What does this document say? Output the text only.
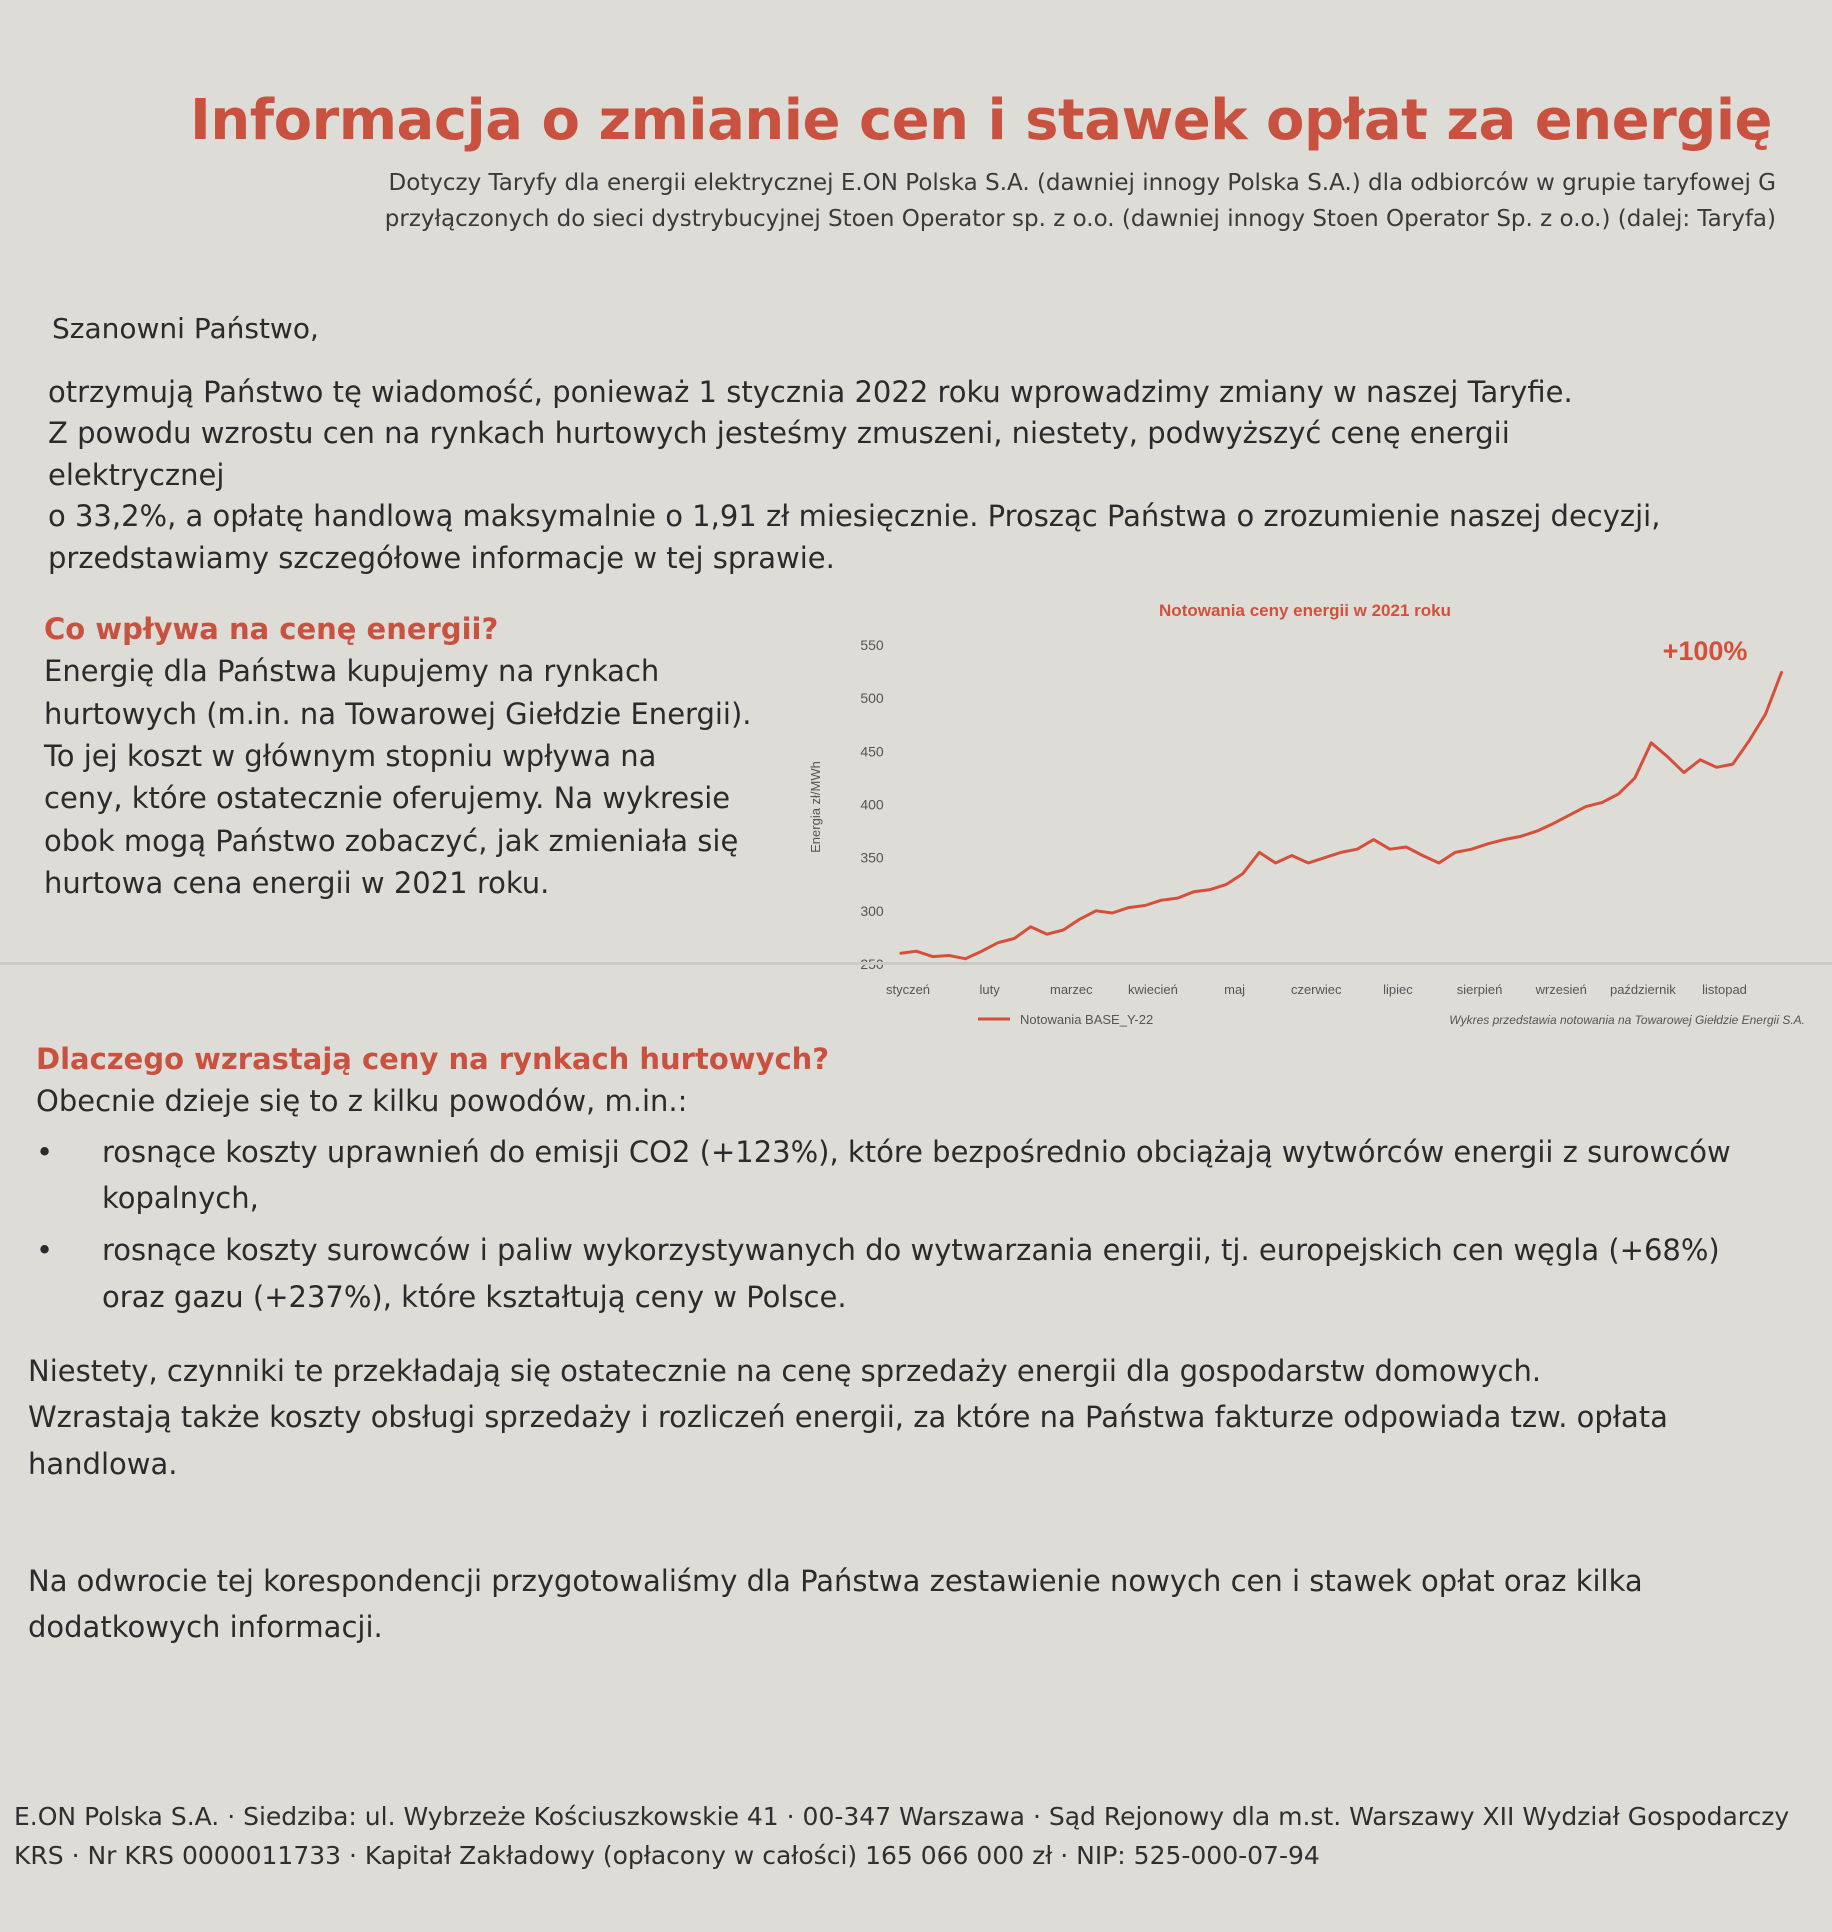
Informacja o zmianie cen i stawek opłat za energię
Dotyczy Taryfy dla energii elektrycznej E.ON Polska S.A. (dawniej innogy Polska S.A.) dla odbiorców w grupie taryfowej G
przyłączonych do sieci dystrybucyjnej Stoen Operator sp. z o.o. (dawniej innogy Stoen Operator Sp. z o.o.) (dalej: Taryfa)
Szanowni Państwo,

otrzymują Państwo tę wiadomość, ponieważ 1 stycznia 2022 roku wprowadzimy zmiany w naszej Taryfie.

Z powodu wzrostu cen na rynkach hurtowych jesteśmy zmuszeni, niestety, podwyższyć cenę energii elektrycznej

o 33,2%, a opłatę handlową maksymalnie o 1,91 zł miesięcznie. Prosząc Państwa o zrozumienie naszej decyzji,

przedstawiamy szczegółowe informacje w tej sprawie.

Co wpływa na cenę energii?

Energię dla Państwa kupujemy na rynkach

hurtowych (m.in. na Towarowej Giełdzie Energii).

To jej koszt w głównym stopniu wpływa na

ceny, które ostatecznie oferujemy. Na wykresie

obok mogą Państwo zobaczyć, jak zmieniała się

hurtowa cena energii w 2021 roku.

Notowania ceny energii w 2021 roku
550
500
450
400
350
300
Energia zł/MWh
styczeń	luty	marzec	kwiecień	maj	czerwiec	lipiec	sierpień	wrzesień październik listopad
+100%
Notowania BASE_Y-22	Wykres przedstawia notowania na Towarowej Giełdzie Energii S.A.

Dlaczego wzrastają ceny na rynkach hurtowych?

Obecnie dzieje się to z kilku powodów, m.in.:

• rosnące koszty uprawnień do emisji CO2 (+123%), które bezpośrednio obciążają wytwórców energii z surowców
kopalnych,
• rosnące koszty surowców i paliw wykorzystywanych do wytwarzania energii, tj. europejskich cen węgla (+68%)
oraz gazu (+237%), które kształtują ceny w Polsce.

Niestety, czynniki te przekładają się ostatecznie na cenę sprzedaży energii dla gospodarstw domowych.

Wzrastają także koszty obsługi sprzedaży i rozliczeń energii, za które na Państwa fakturze odpowiada tzw. opłata

handlowa.

Na odwrocie tej korespondencji przygotowaliśmy dla Państwa zestawienie nowych cen i stawek opłat oraz kilka

dodatkowych informacji.

E.ON Polska S.A. · Siedziba: ul. Wybrzeże Kościuszkowskie 41 · 00-347 Warszawa · Sąd Rejonowy dla m.st. Warszawy XII Wydział Gospodarczy

KRS · Nr KRS 0000011733 · Kapitał Zakładowy (opłacony w całości) 165 066 000 zł · NIP: 525-000-07-94
